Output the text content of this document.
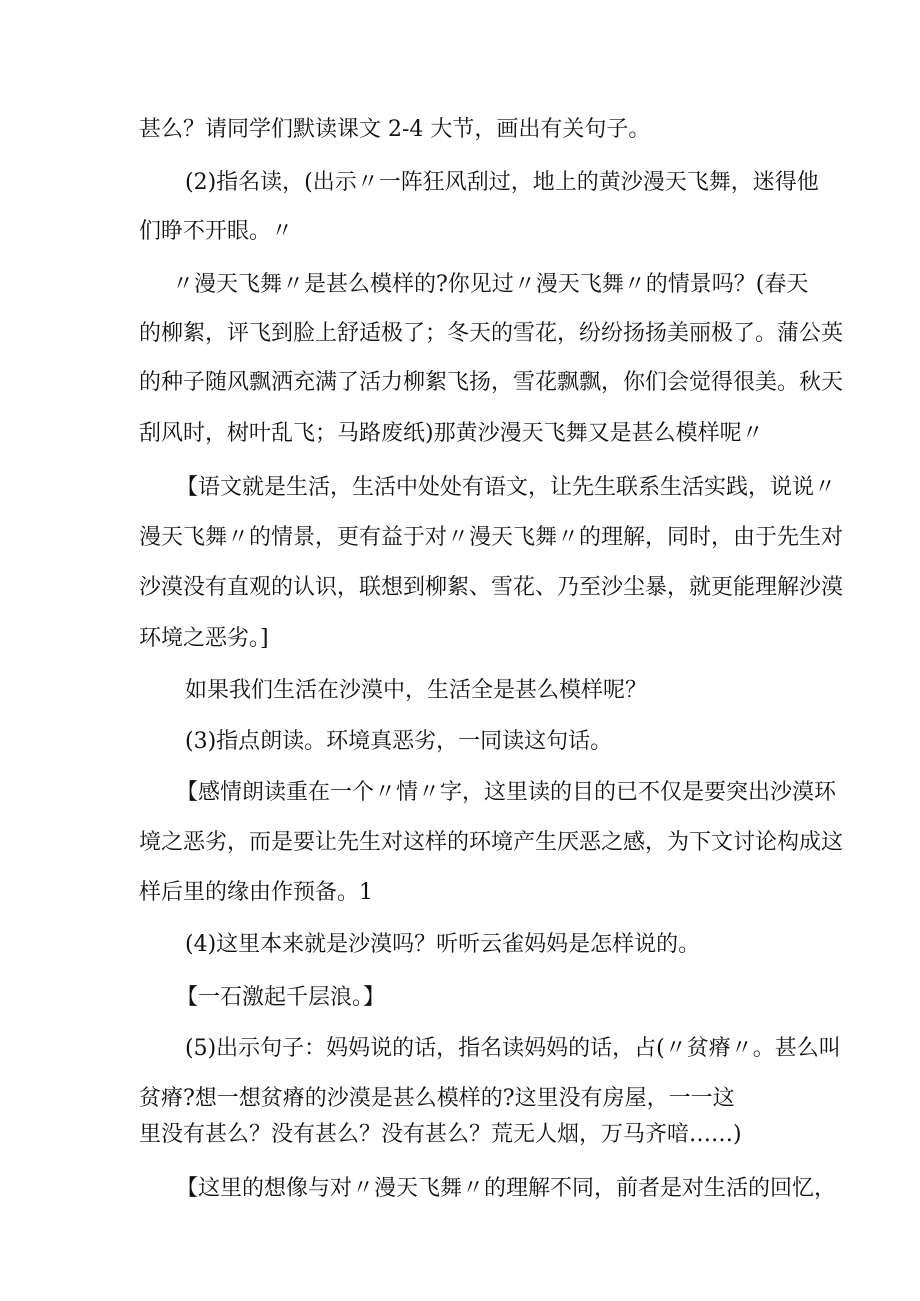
甚么？请同学们默读课文 2-4 大节，画出有关句子。
(2)指名读，(出示〃一阵狂风刮过，地上的黄沙漫天飞舞，迷得他
们睁不开眼。〃
〃漫天飞舞〃是甚么模样的?你见过〃漫天飞舞〃的情景吗？(春天
的柳絮，评飞到脸上舒适极了；冬天的雪花，纷纷扬扬美丽极了。蒲公英
的种子随风飘洒充满了活力柳絮飞扬，雪花飘飘，你们会觉得很美。秋天
刮风时，树叶乱飞；马路废纸)那黄沙漫天飞舞又是甚么模样呢〃
【语文就是生活，生活中处处有语文，让先生联系生活实践，说说〃
漫天飞舞〃的情景，更有益于对〃漫天飞舞〃的理解，同时，由于先生对
沙漠没有直观的认识，联想到柳絮、雪花、乃至沙尘暴，就更能理解沙漠
环境之恶劣。]
如果我们生活在沙漠中，生活全是甚么模样呢？
(3)指点朗读。环境真恶劣，一同读这句话。
【感情朗读重在一个〃情〃字，这里读的目的已不仅是要突出沙漠环
境之恶劣，而是要让先生对这样的环境产生厌恶之感，为下文讨论构成这
样后里的缘由作预备。1
(4)这里本来就是沙漠吗？听听云雀妈妈是怎样说的。
【一石激起千层浪。】
(5)出示句子：妈妈说的话，指名读妈妈的话，占(〃贫瘠〃。甚么叫
贫瘠?想一想贫瘠的沙漠是甚么模样的?这里没有房屋，一一这
里没有甚么？没有甚么？没有甚么？荒无人烟，万马齐喑……)
【这里的想像与对〃漫天飞舞〃的理解不同，前者是对生活的回忆，
